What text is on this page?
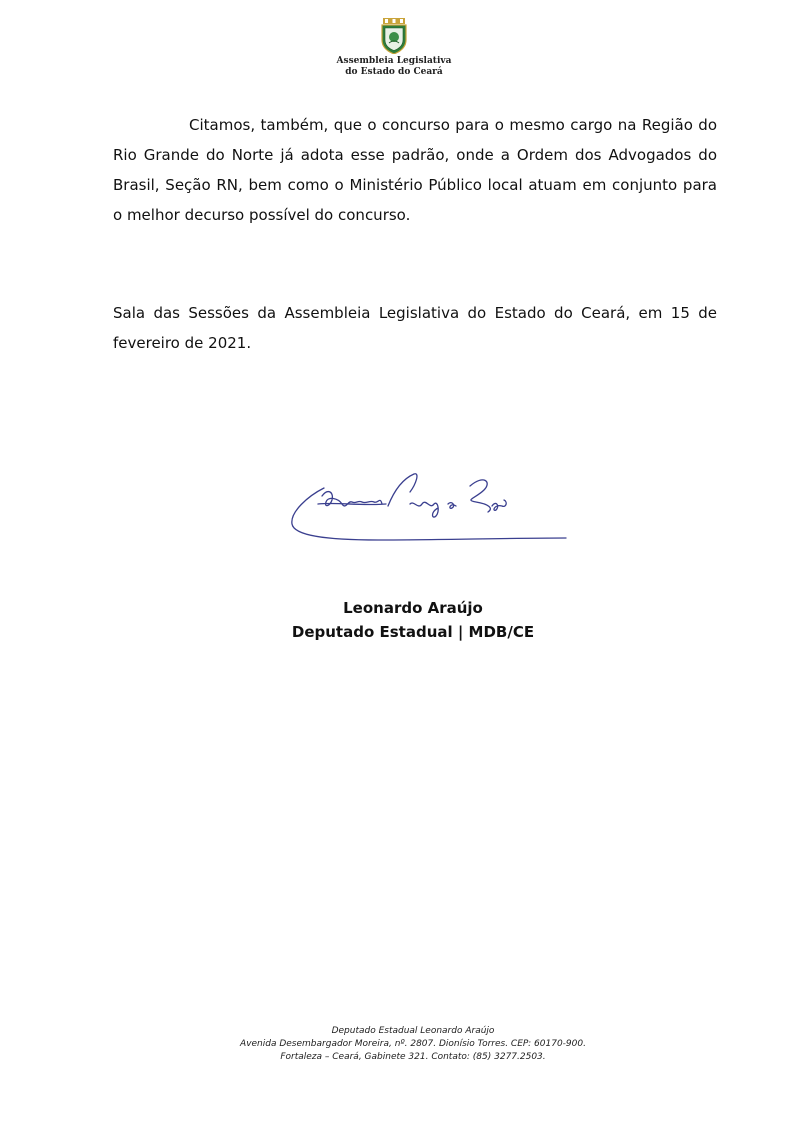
Assembleia Legislativa
do Estado do Ceará

Citamos, também, que o concurso para o mesmo cargo na Região do Rio Grande do Norte já adota esse padrão, onde a Ordem dos Advogados do Brasil, Seção RN, bem como o Ministério Público local atuam em conjunto para o melhor decurso possível do concurso.

Sala das Sessões da Assembleia Legislativa do Estado do Ceará, em 15 de fevereiro de 2021.

Leonardo Araújo
Deputado Estadual | MDB/CE
Deputado Estadual Leonardo Araújo
Avenida Desembargador Moreira, nº. 2807. Dionísio Torres. CEP: 60170-900.
Fortaleza – Ceará, Gabinete 321. Contato: (85) 3277.2503.
